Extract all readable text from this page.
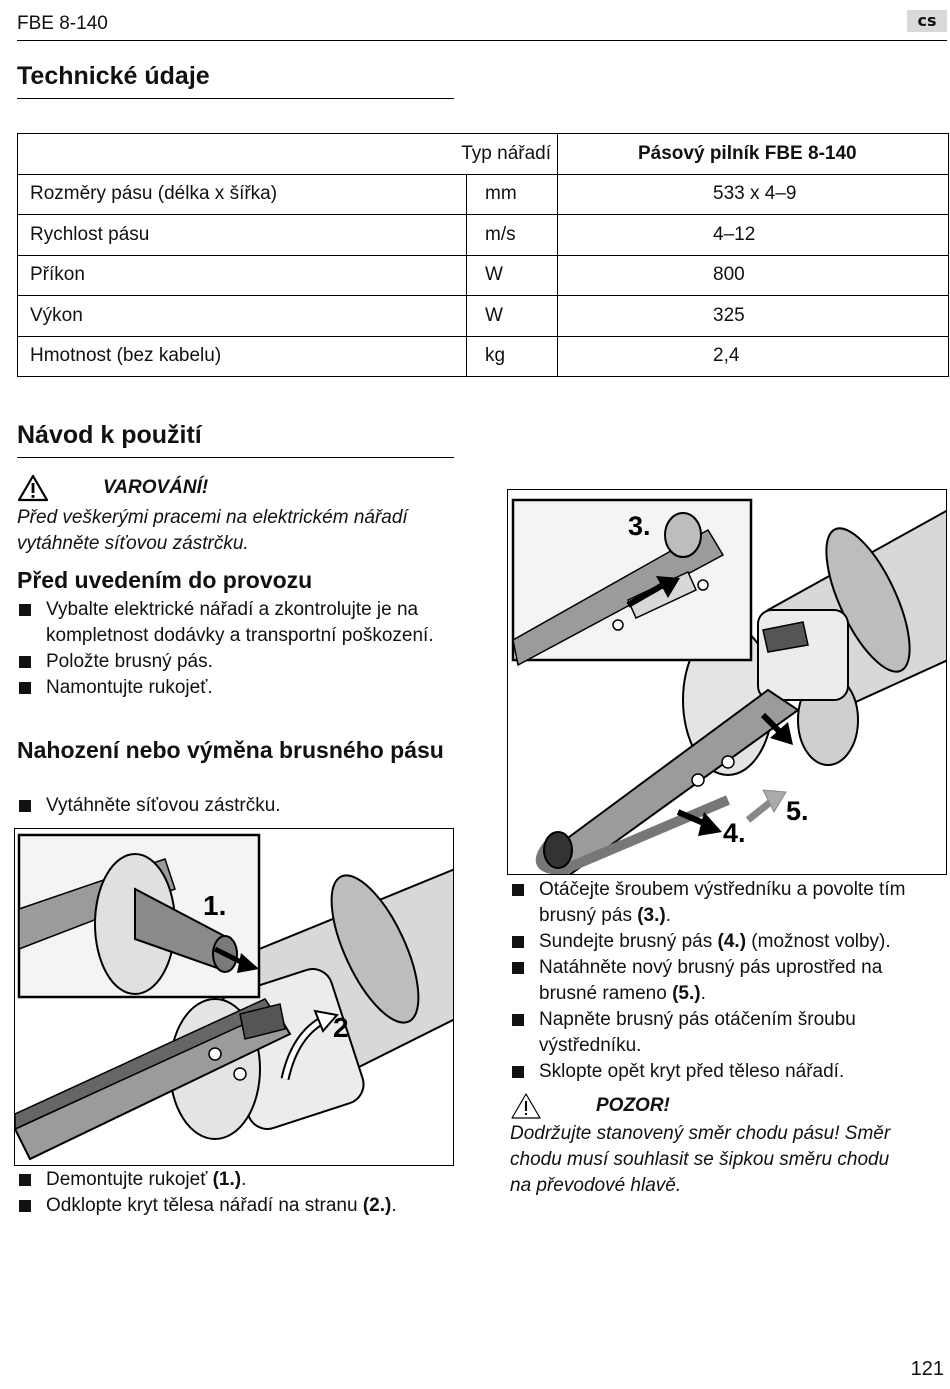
FBE 8-140	cs
Technické údaje
Typ nářadí		Pásový pilník FBE 8-140
Rozměry pásu (délka x šířka)	mm	533 x 4–9
Rychlost pásu	m/s	4–12
Příkon	W	800
Výkon	W	325
Hmotnost (bez kabelu)	kg	2,4
Návod k použití
VAROVÁNÍ!
Před veškerými pracemi na elektrickém nářadí
vytáhněte síťovou zástrčku.
Před uvedením do provozu
Vybalte elektrické nářadí a zkontrolujte je na kompletnost dodávky a transportní poškození.
Položte brusný pás.
Namontujte rukojeť.
Nahození nebo výměna brusného pásu
Vytáhněte síťovou zástrčku.
1.
2
Demontujte rukojeť (1.).
Odklopte kryt tělesa nářadí na stranu (2.).
3.
4.
5.
Otáčejte šroubem výstředníku a povolte tím brusný pás (3.).
Sundejte brusný pás (4.) (možnost volby).
Natáhněte nový brusný pás uprostřed na brusné rameno (5.).
Napněte brusný pás otáčením šroubu výstředníku.
Sklopte opět kryt před těleso nářadí.
POZOR!
Dodržujte stanovený směr chodu pásu! Směr
chodu musí souhlasit se šipkou směru chodu
na převodové hlavě.
121
